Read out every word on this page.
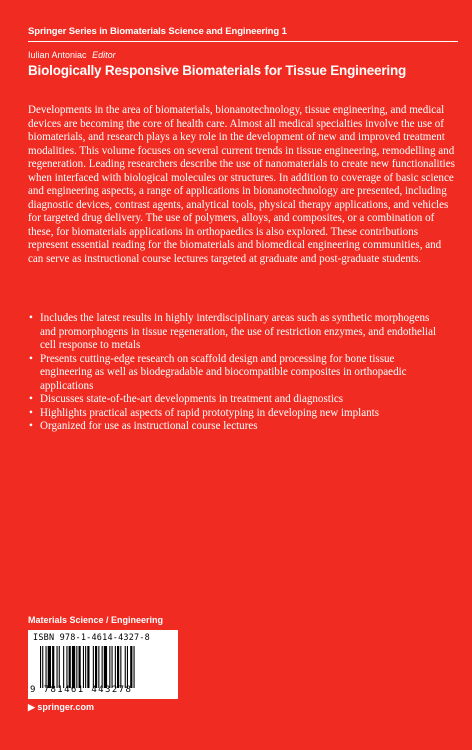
Springer Series in Biomaterials Science and Engineering 1
Iulian Antoniac Editor
Biologically Responsive Biomaterials for Tissue Engineering

Developments in the area of biomaterials, bionanotechnology, tissue engineering, and medical devices are becoming the core of health care. Almost all medical specialties involve the use of biomaterials, and research plays a key role in the development of new and improved treatment modalities. This volume focuses on several current trends in tissue engineering, remodelling and regeneration. Leading researchers describe the use of nanomaterials to create new functionalities when interfaced with biological molecules or structures. In addition to coverage of basic science and engineering aspects, a range of applications in bionanotechnology are presented, including diagnostic devices, contrast agents, analytical tools, physical therapy applications, and vehicles for targeted drug delivery. The use of polymers, alloys, and composites, or a combination of these, for biomaterials applications in orthopaedics is also explored. These contributions represent essential reading for the biomaterials and biomedical engineering communities, and can serve as instructional course lectures targeted at graduate and post-graduate students.

• Includes the latest results in highly interdisciplinary areas such as synthetic morphogens and promorphogens in tissue regeneration, the use of restriction enzymes, and endothelial cell response to metals
• Presents cutting-edge research on scaffold design and processing for bone tissue engineering as well as biodegradable and biocompatible composites in orthopaedic applications
• Discusses state-of-the-art developments in treatment and diagnostics
• Highlights practical aspects of rapid prototyping in developing new implants
• Organized for use as instructional course lectures
Materials Science / Engineering
ISBN 978-1-4614-4327-8
9 781461 443278
▶ springer.com
